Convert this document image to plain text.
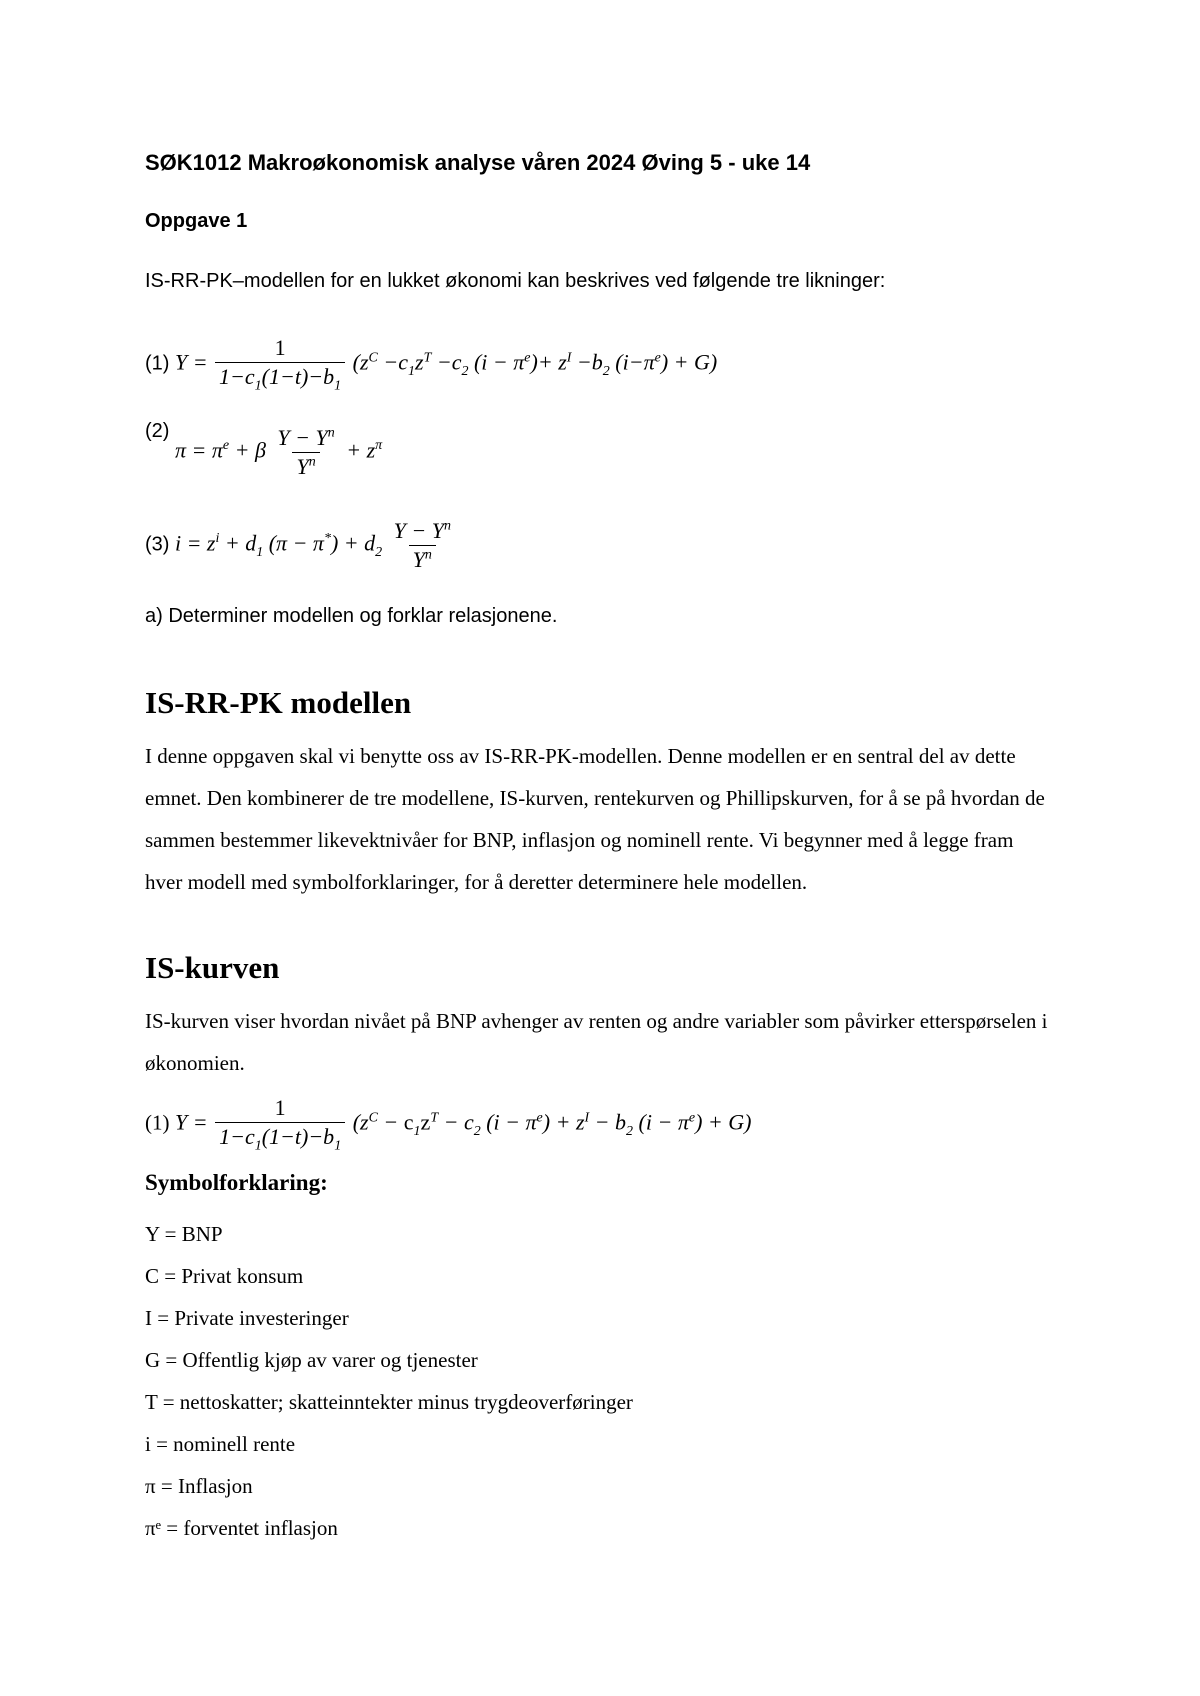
SØK1012 Makroøkonomisk analyse våren 2024 Øving 5 - uke 14
Oppgave 1
IS-RR-PK–modellen for en lukket økonomi kan beskrives ved følgende tre likninger:
(1) $Y = \frac{1}{1-c_1(1-t)-b_1} (z^C -c_1z^T -c_2$ $(i - \pi^e)+ z^I -b_2$ $(i-\pi^e) + G$)
(2)
$\pi = \pi^e + \beta \frac{Y - Y^n}{Y^n} + z^\pi$
(3) $i = z^i + d_1$ $(\pi - \pi^*) + d_2 \frac{Y - Y^n}{Y^n}$
a) Determiner modellen og forklar relasjonene.
IS-RR-PK modellen
I denne oppgaven skal vi benytte oss av IS-RR-PK-modellen. Denne modellen er en sentral del av dette emnet. Den kombinerer de tre modellene, IS-kurven, rentekurven og Phillipskurven, for å se på hvordan de sammen bestemmer likevektnivåer for BNP, inflasjon og nominell rente. Vi begynner med å legge fram hver modell med symbolforklaringer, for å deretter determinere hele modellen.
IS-kurven
IS-kurven viser hvordan nivået på BNP avhenger av renten og andre variabler som påvirker etterspørselen i økonomien.
(1) $Y = \frac{1}{1-c_1(1-t)-b_1} (z^C - c_1z^T - c_2$ $(i - \pi^e) + z^I - b_2$ $(i - \pi^e) + G$)
Symbolforklaring:
Y = BNP
C = Privat konsum
I = Private investeringer
G = Offentlig kjøp av varer og tjenester
T = nettoskatter; skatteinntekter minus trygdeoverføringer
i = nominell rente
π = Inflasjon
πᵉ = forventet inflasjon
